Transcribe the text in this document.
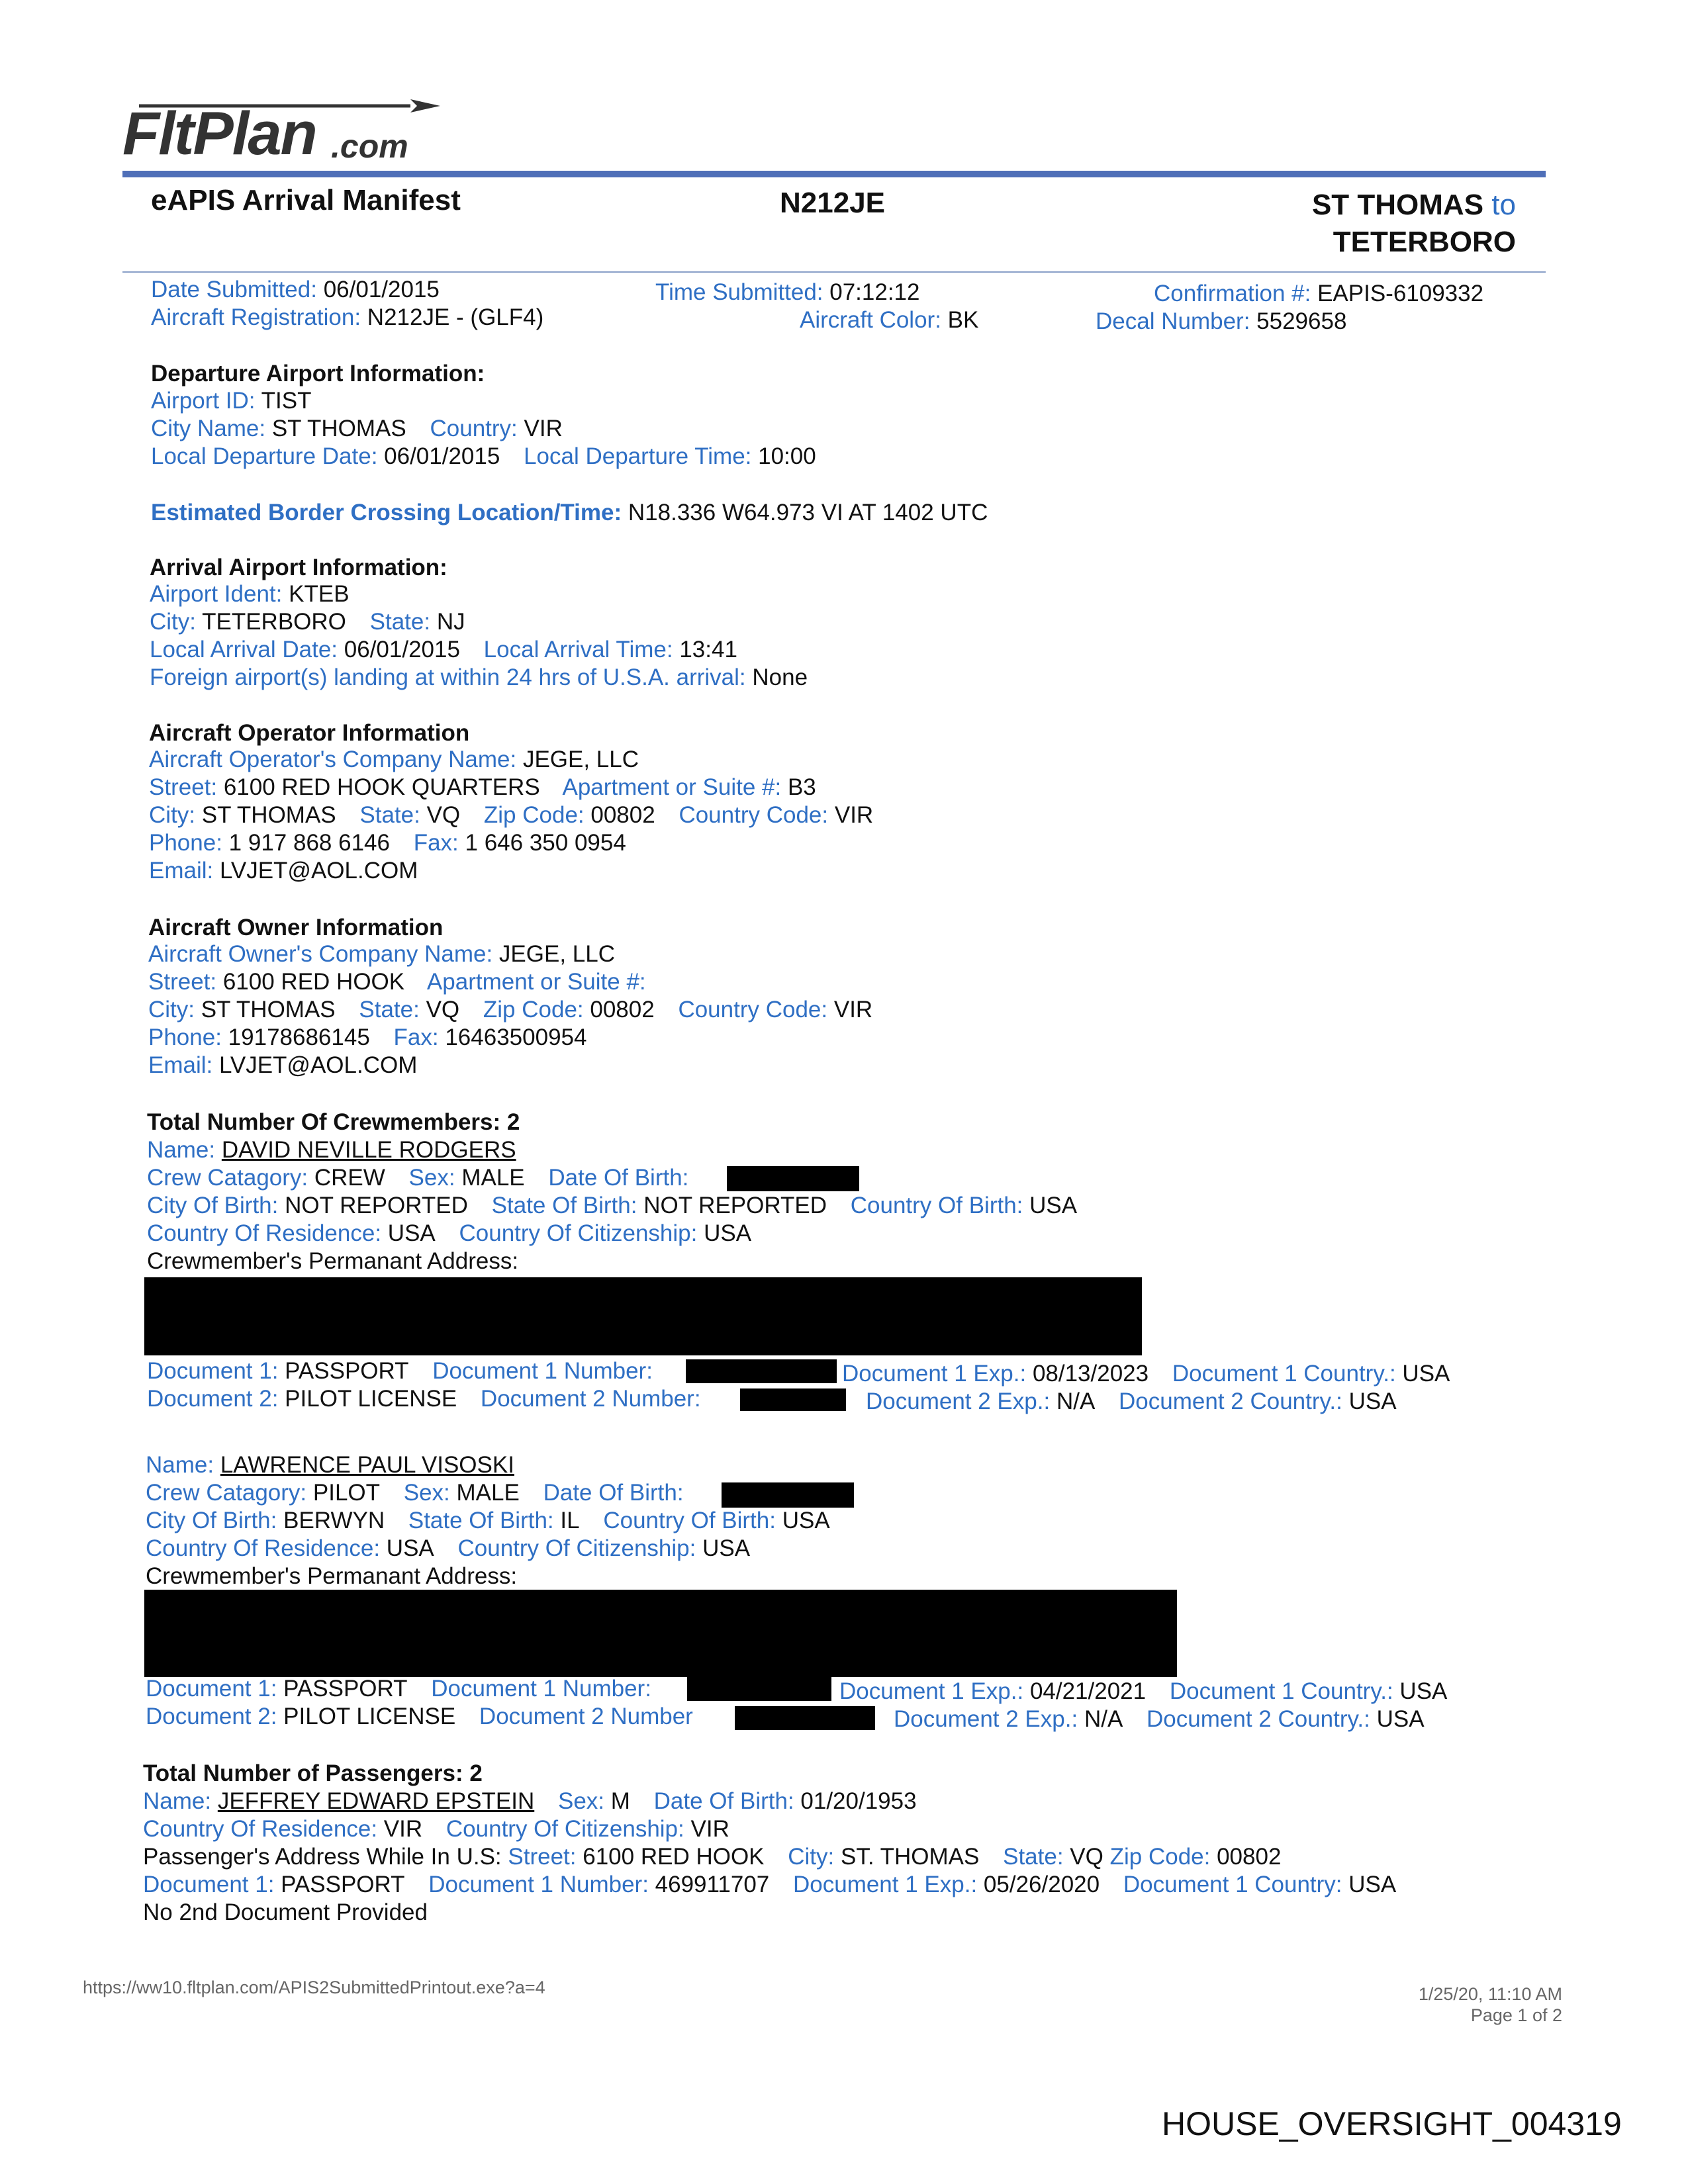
FltPlan .com
eAPIS Arrival Manifest	N212JE	ST THOMAS to
TETERBORO
Date Submitted: 06/01/2015	Time Submitted: 07:12:12	Confirmation #: EAPIS-6109332
Aircraft Registration: N212JE - (GLF4)	Aircraft Color: BK	Decal Number: 5529658
Departure Airport Information:
Airport ID: TIST
City Name: ST THOMAS Country: VIR
Local Departure Date: 06/01/2015 Local Departure Time: 10:00
Estimated Border Crossing Location/Time: N18.336 W64.973 VI AT 1402 UTC
Arrival Airport Information:
Airport Ident: KTEB
City: TETERBORO State: NJ
Local Arrival Date: 06/01/2015 Local Arrival Time: 13:41
Foreign airport(s) landing at within 24 hrs of U.S.A. arrival: None
Aircraft Operator Information
Aircraft Operator's Company Name: JEGE, LLC
Street: 6100 RED HOOK QUARTERS Apartment or Suite #: B3
City: ST THOMAS State: VQ Zip Code: 00802 Country Code: VIR
Phone: 1 917 868 6146 Fax: 1 646 350 0954
Email: LVJET@AOL.COM
Aircraft Owner Information
Aircraft Owner's Company Name: JEGE, LLC
Street: 6100 RED HOOK Apartment or Suite #:
City: ST THOMAS State: VQ Zip Code: 00802 Country Code: VIR
Phone: 19178686145 Fax: 16463500954
Email: LVJET@AOL.COM
Total Number Of Crewmembers: 2
Name: DAVID NEVILLE RODGERS
Crew Catagory: CREW Sex: MALE Date Of Birth:
City Of Birth: NOT REPORTED State Of Birth: NOT REPORTED Country Of Birth: USA
Country Of Residence: USA Country Of Citizenship: USA
Crewmember's Permanant Address:
Document 1: PASSPORT Document 1 Number:	Document 1 Exp.: 08/13/2023 Document 1 Country.: USA
Document 2: PILOT LICENSE Document 2 Number:	Document 2 Exp.: N/A Document 2 Country.: USA
Name: LAWRENCE PAUL VISOSKI
Crew Catagory: PILOT Sex: MALE Date Of Birth:
City Of Birth: BERWYN State Of Birth: IL Country Of Birth: USA
Country Of Residence: USA Country Of Citizenship: USA
Crewmember's Permanant Address:
Document 1: PASSPORT Document 1 Number:	Document 1 Exp.: 04/21/2021 Document 1 Country.: USA
Document 2: PILOT LICENSE Document 2 Number	Document 2 Exp.: N/A Document 2 Country.: USA
Total Number of Passengers: 2
Name: JEFFREY EDWARD EPSTEIN Sex: M Date Of Birth: 01/20/1953
Country Of Residence: VIR Country Of Citizenship: VIR
Passenger's Address While In U.S: Street: 6100 RED HOOK City: ST. THOMAS State: VQ Zip Code: 00802
Document 1: PASSPORT Document 1 Number: 469911707 Document 1 Exp.: 05/26/2020 Document 1 Country: USA
No 2nd Document Provided
https://ww10.fltplan.com/APIS2SubmittedPrintout.exe?a=4	1/25/20, 11:10 AM
Page 1 of 2
HOUSE_OVERSIGHT_004319
